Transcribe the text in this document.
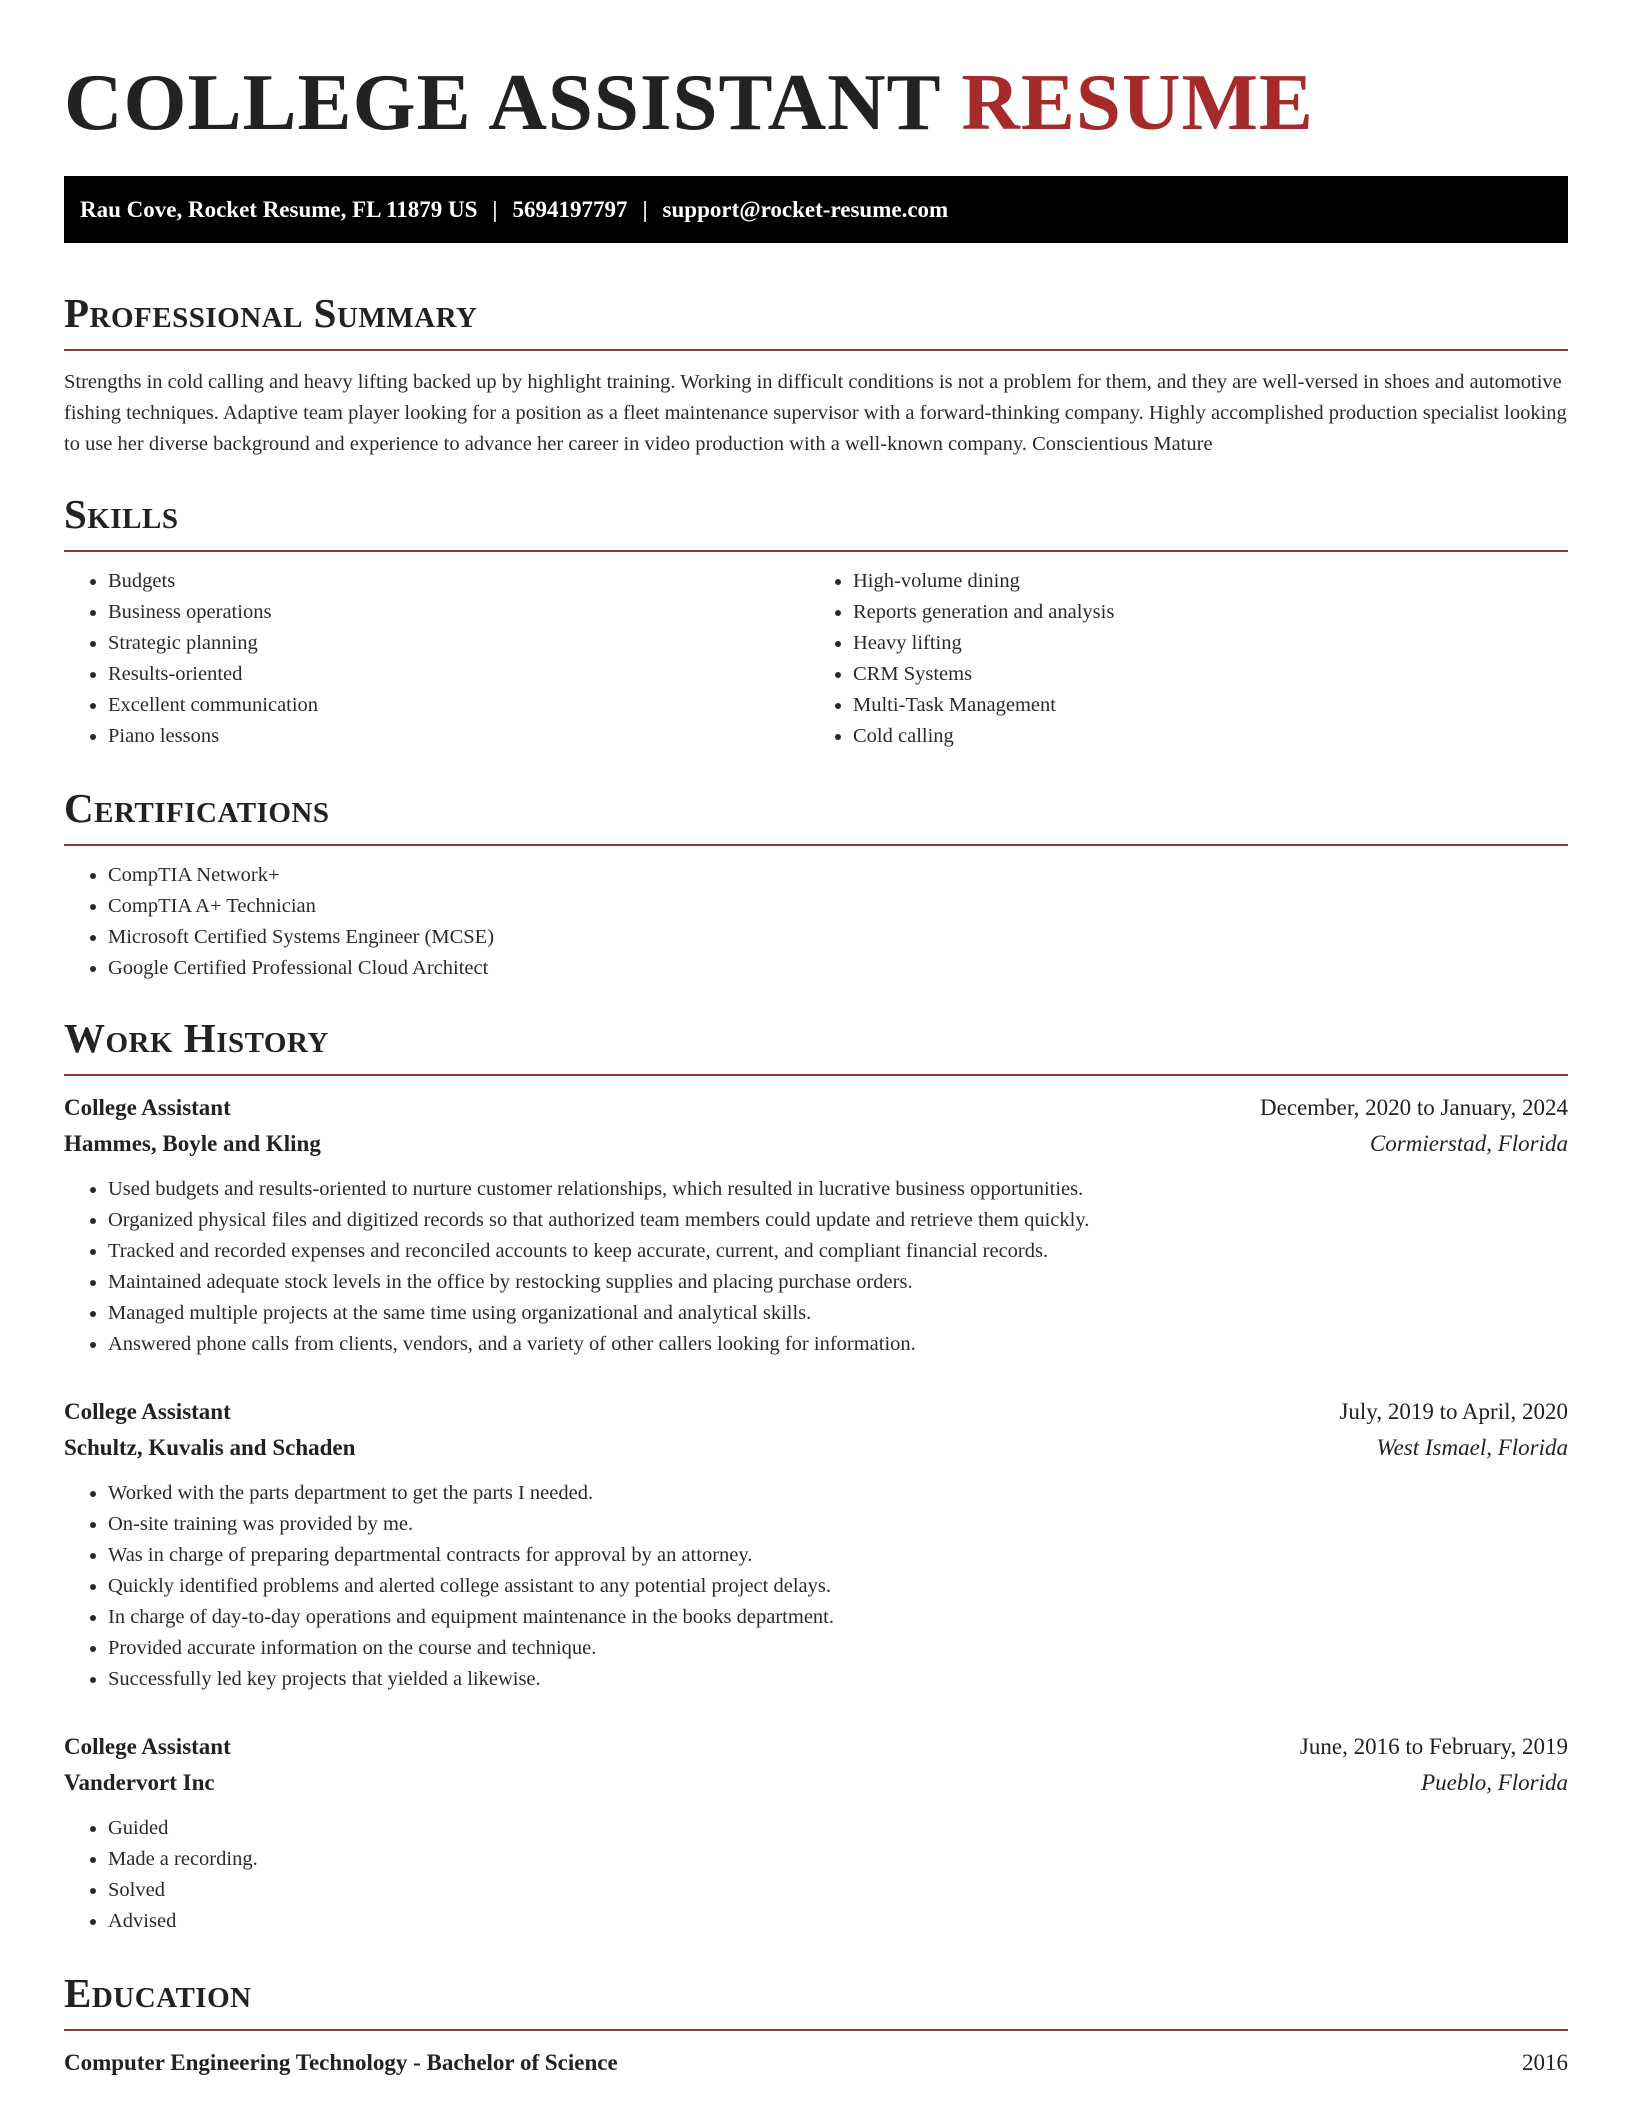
COLLEGE ASSISTANT RESUME
Rau Cove, Rocket Resume, FL 11879 US | 5694197797 | support@rocket-resume.com
Professional Summary

Strengths in cold calling and heavy lifting backed up by highlight training. Working in difficult conditions is not a problem for them, and they are well-versed in shoes and automotive fishing techniques. Adaptive team player looking for a position as a fleet maintenance supervisor with a forward-thinking company. Highly accomplished production specialist looking to use her diverse background and experience to advance her career in video production with a well-known company. Conscientious Mature

Skills
• Budgets
• Business operations
• Strategic planning
• Results-oriented
• Excellent communication
• Piano lessons
• High-volume dining
• Reports generation and analysis
• Heavy lifting
• CRM Systems
• Multi-Task Management
• Cold calling
Certifications
• CompTIA Network+
• CompTIA A+ Technician
• Microsoft Certified Systems Engineer (MCSE)
• Google Certified Professional Cloud Architect
Work History
College Assistant	December, 2020 to January, 2024
Hammes, Boyle and Kling	Cormierstad, Florida
• Used budgets and results-oriented to nurture customer relationships, which resulted in lucrative business opportunities.
• Organized physical files and digitized records so that authorized team members could update and retrieve them quickly.
• Tracked and recorded expenses and reconciled accounts to keep accurate, current, and compliant financial records.
• Maintained adequate stock levels in the office by restocking supplies and placing purchase orders.
• Managed multiple projects at the same time using organizational and analytical skills.
• Answered phone calls from clients, vendors, and a variety of other callers looking for information.
College Assistant	July, 2019 to April, 2020
Schultz, Kuvalis and Schaden	West Ismael, Florida
• Worked with the parts department to get the parts I needed.
• On-site training was provided by me.
• Was in charge of preparing departmental contracts for approval by an attorney.
• Quickly identified problems and alerted college assistant to any potential project delays.
• In charge of day-to-day operations and equipment maintenance in the books department.
• Provided accurate information on the course and technique.
• Successfully led key projects that yielded a likewise.
College Assistant	June, 2016 to February, 2019
Vandervort Inc	Pueblo, Florida
• Guided
• Made a recording.
• Solved
• Advised
Education
Computer Engineering Technology - Bachelor of Science	2016
